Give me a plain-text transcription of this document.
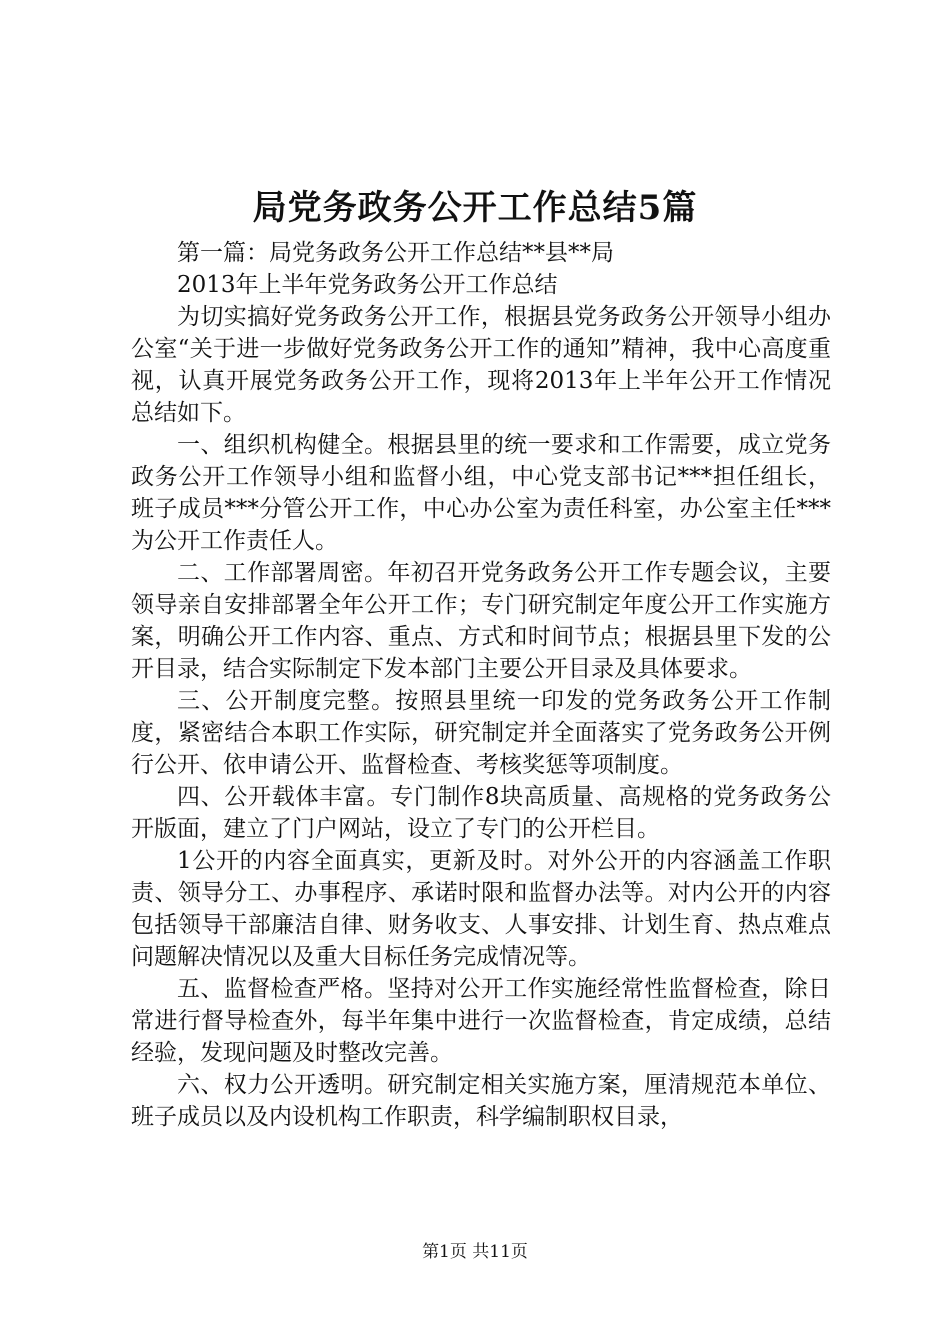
局党务政务公开工作总结5篇

第一篇：局党务政务公开工作总结**县**局

2013年上半年党务政务公开工作总结

为切实搞好党务政务公开工作，根据县党务政务公开领导小组办公室“关于进一步做好党务政务公开工作的通知”精神，我中心高度重视，认真开展党务政务公开工作，现将2013年上半年公开工作情况总结如下。

一、组织机构健全。根据县里的统一要求和工作需要，成立党务政务公开工作领导小组和监督小组，中心党支部书记***担任组长，班子成员***分管公开工作，中心办公室为责任科室，办公室主任***为公开工作责任人。

二、工作部署周密。年初召开党务政务公开工作专题会议，主要领导亲自安排部署全年公开工作；专门研究制定年度公开工作实施方案，明确公开工作内容、重点、方式和时间节点；根据县里下发的公开目录，结合实际制定下发本部门主要公开目录及具体要求。

三、公开制度完整。按照县里统一印发的党务政务公开工作制度，紧密结合本职工作实际，研究制定并全面落实了党务政务公开例行公开、依申请公开、监督检查、考核奖惩等项制度。

四、公开载体丰富。专门制作8块高质量、高规格的党务政务公开版面，建立了门户网站，设立了专门的公开栏目。

1公开的内容全面真实，更新及时。对外公开的内容涵盖工作职责、领导分工、办事程序、承诺时限和监督办法等。对内公开的内容包括领导干部廉洁自律、财务收支、人事安排、计划生育、热点难点问题解决情况以及重大目标任务完成情况等。

五、监督检查严格。坚持对公开工作实施经常性监督检查，除日常进行督导检查外，每半年集中进行一次监督检查，肯定成绩，总结经验，发现问题及时整改完善。

六、权力公开透明。研究制定相关实施方案，厘清规范本单位、班子成员以及内设机构工作职责，科学编制职权目录，

第1页 共11页
